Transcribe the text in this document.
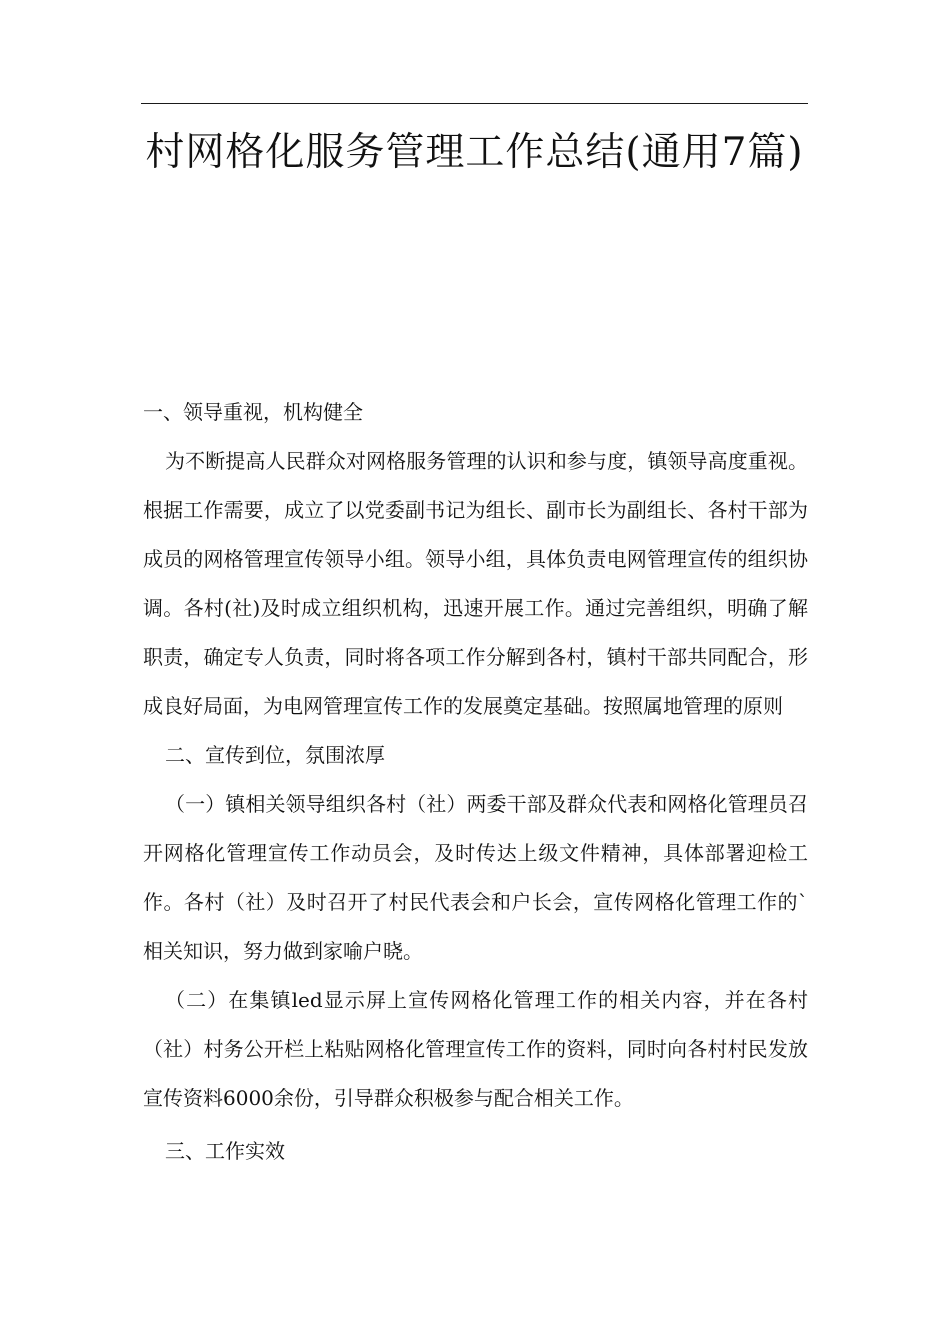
村网格化服务管理工作总结(通用7篇)

一、领导重视，机构健全

为不断提高人民群众对网格服务管理的认识和参与度，镇领导高度重视。根据工作需要，成立了以党委副书记为组长、副市长为副组长、各村干部为成员的网格管理宣传领导小组。领导小组，具体负责电网管理宣传的组织协调。各村(社)及时成立组织机构，迅速开展工作。通过完善组织，明确了解职责，确定专人负责，同时将各项工作分解到各村，镇村干部共同配合，形成良好局面，为电网管理宣传工作的发展奠定基础。按照属地管理的原则

二、宣传到位，氛围浓厚

（一）镇相关领导组织各村（社）两委干部及群众代表和网格化管理员召开网格化管理宣传工作动员会，及时传达上级文件精神，具体部署迎检工作。各村（社）及时召开了村民代表会和户长会，宣传网格化管理工作的`相关知识，努力做到家喻户晓。

（二）在集镇led显示屏上宣传网格化管理工作的相关内容，并在各村（社）村务公开栏上粘贴网格化管理宣传工作的资料，同时向各村村民发放宣传资料6000余份，引导群众积极参与配合相关工作。

三、工作实效
